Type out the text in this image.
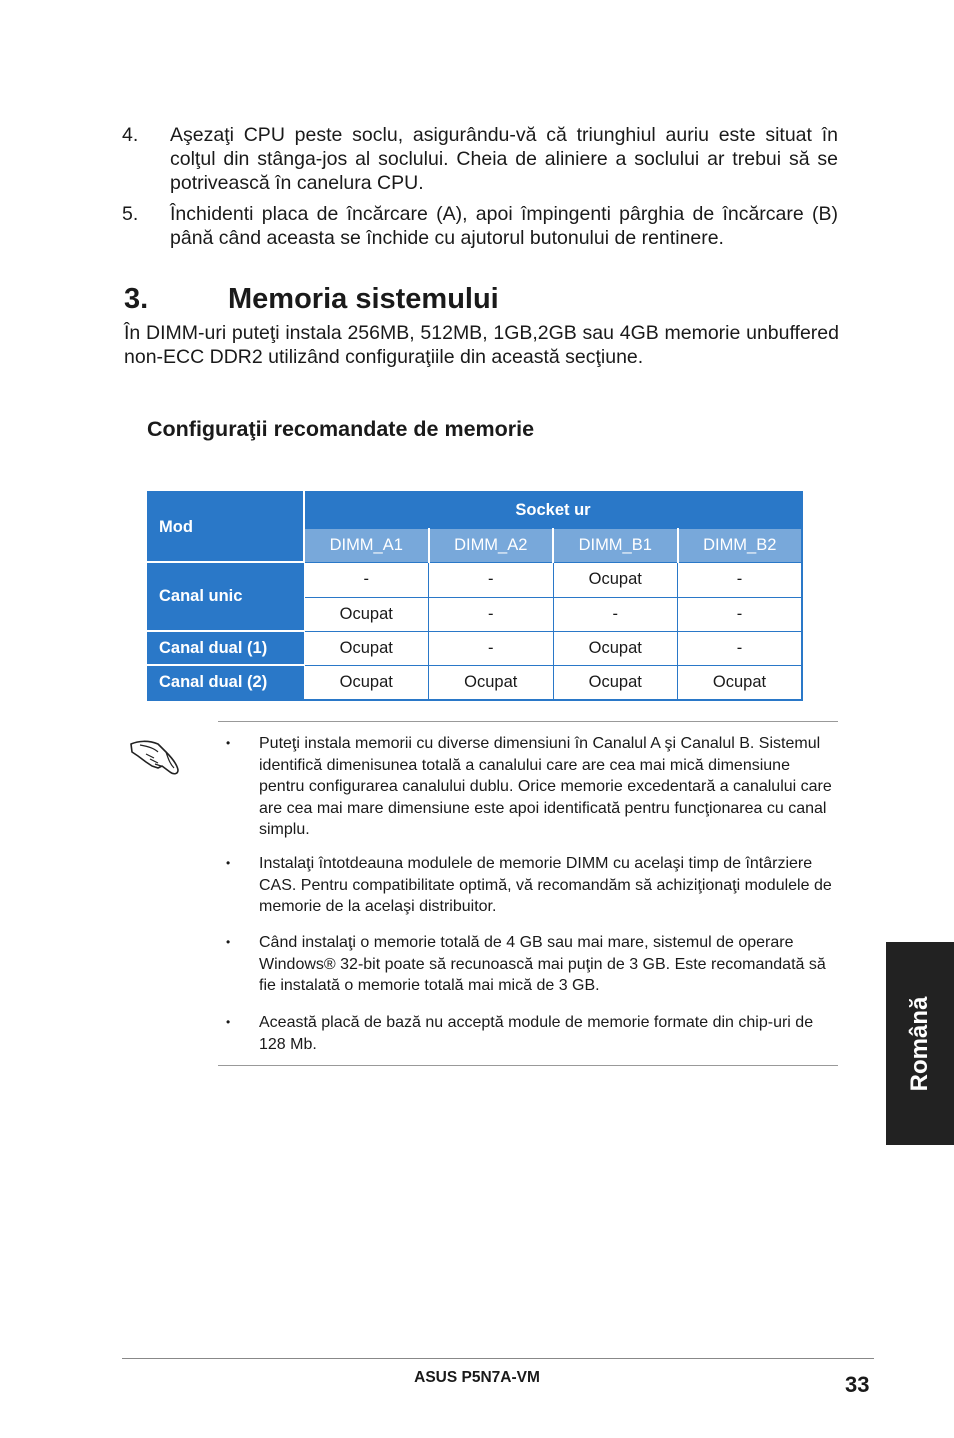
4. Aşezaţi CPU peste soclu, asigurându-vă că triunghiul auriu este situat în colţul din stânga-jos al soclului. Cheia de aliniere a soclului ar trebui să se potrivească în canelura CPU.
5. Închidenti placa de încărcare (A), apoi împingenti pârghia de încărcare (B) până când aceasta se închide cu ajutorul butonului de rentinere.
3.	Memoria sistemului
În DIMM-uri puteţi instala 256MB, 512MB, 1GB,2GB sau 4GB memorie unbuffered non-ECC DDR2 utilizând configuraţiile din această secţiune.
Configuraţii recomandate de memorie
Mod	Socket ur			
	DIMM_A1	DIMM_A2	DIMM_B1	DIMM_B2
Canal unic	-	-	Ocupat	-
	Ocupat	-	-	-
Canal dual (1)	Ocupat	-	Ocupat	-
Canal dual (2)	Ocupat	Ocupat	Ocupat	Ocupat
• Puteţi instala memorii cu diverse dimensiuni în Canalul A şi Canalul B. Sistemul identifică dimenisunea totală a canalului care are cea mai mică dimensiune pentru configurarea canalului dublu. Orice memorie excedentară a canalului care are cea mai mare dimensiune este apoi identificată pentru funcţionarea cu canal simplu.
• Instalaţi întotdeauna modulele de memorie DIMM cu acelaşi timp de întârziere CAS. Pentru compatibilitate optimă, vă recomandăm să achiziţionaţi modulele de memorie de la acelaşi distribuitor.
• Când instalaţi o memorie totală de 4 GB sau mai mare, sistemul de operare Windows® 32-bit poate să recunoască mai puţin de 3 GB. Este recomandată să fie instalată o memorie totală mai mică de 3 GB.
• Această placă de bază nu acceptă module de memorie formate din chip-uri de 128 Mb.	Română
ASUS P5N7A-VM	33
